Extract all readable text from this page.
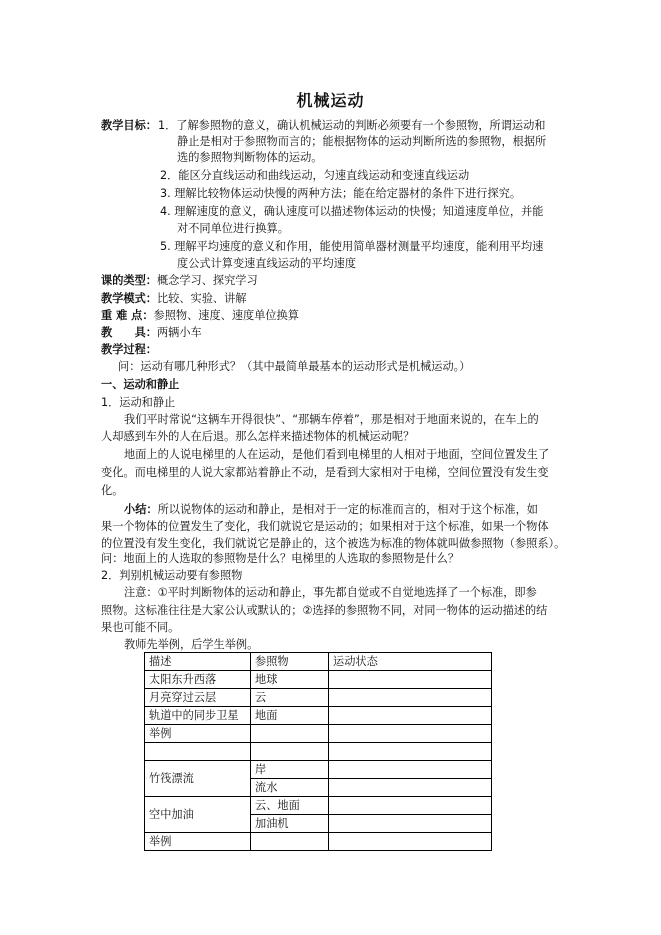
机械运动
教学目标： 1．了解参照物的意义，确认机械运动的判断必须要有一个参照物，所谓运动和
静止是相对于参照物而言的；能根据物体的运动判断所选的参照物，根据所
选的参照物判断物体的运动。
2．能区分直线运动和曲线运动，匀速直线运动和变速直线运动
3. 理解比较物体运动快慢的两种方法；能在给定器材的条件下进行探究。
4. 理解速度的意义，确认速度可以描述物体运动的快慢；知道速度单位，并能
对不同单位进行换算。
5. 理解平均速度的意义和作用，能使用简单器材测量平均速度，能利用平均速
度公式计算变速直线运动的平均速度
课的类型：概念学习、探究学习
教学模式：比较、实验、讲解
重 难 点：参照物、速度、速度单位换算
教　　具：两辆小车
教学过程：
问：运动有哪几种形式？（其中最简单最基本的运动形式是机械运动。）
一、运动和静止
1．运动和静止
我们平时常说“这辆车开得很快”、“那辆车停着”，那是相对于地面来说的，在车上的
人却感到车外的人在后退。那么怎样来描述物体的机械运动呢？
地面上的人说电梯里的人在运动，是他们看到电梯里的人相对于地面，空间位置发生了
变化。而电梯里的人说大家都站着静止不动，是看到大家相对于电梯，空间位置没有发生变
化。
小结：所以说物体的运动和静止，是相对于一定的标准而言的，相对于这个标准，如
果一个物体的位置发生了变化，我们就说它是运动的；如果相对于这个标准，如果一个物体
的位置没有发生变化，我们就说它是静止的，这个被选为标准的物体就叫做参照物（参照系）。
问：地面上的人选取的参照物是什么？电梯里的人选取的参照物是什么？
2．判别机械运动要有参照物
注意：①平时判断物体的运动和静止，事先都自觉或不自觉地选择了一个标准，即参
照物。这标准往往是大家公认或默认的；②选择的参照物不同，对同一物体的运动描述的结
果也可能不同。
教师先举例，后学生举例。
描述	参照物	运动状态
太阳东升西落	地球	
月亮穿过云层	云	
轨道中的同步卫星	地面	
举例		

竹筏漂流	岸	
	流水	
空中加油	云、地面	
	加油机	
举例		
